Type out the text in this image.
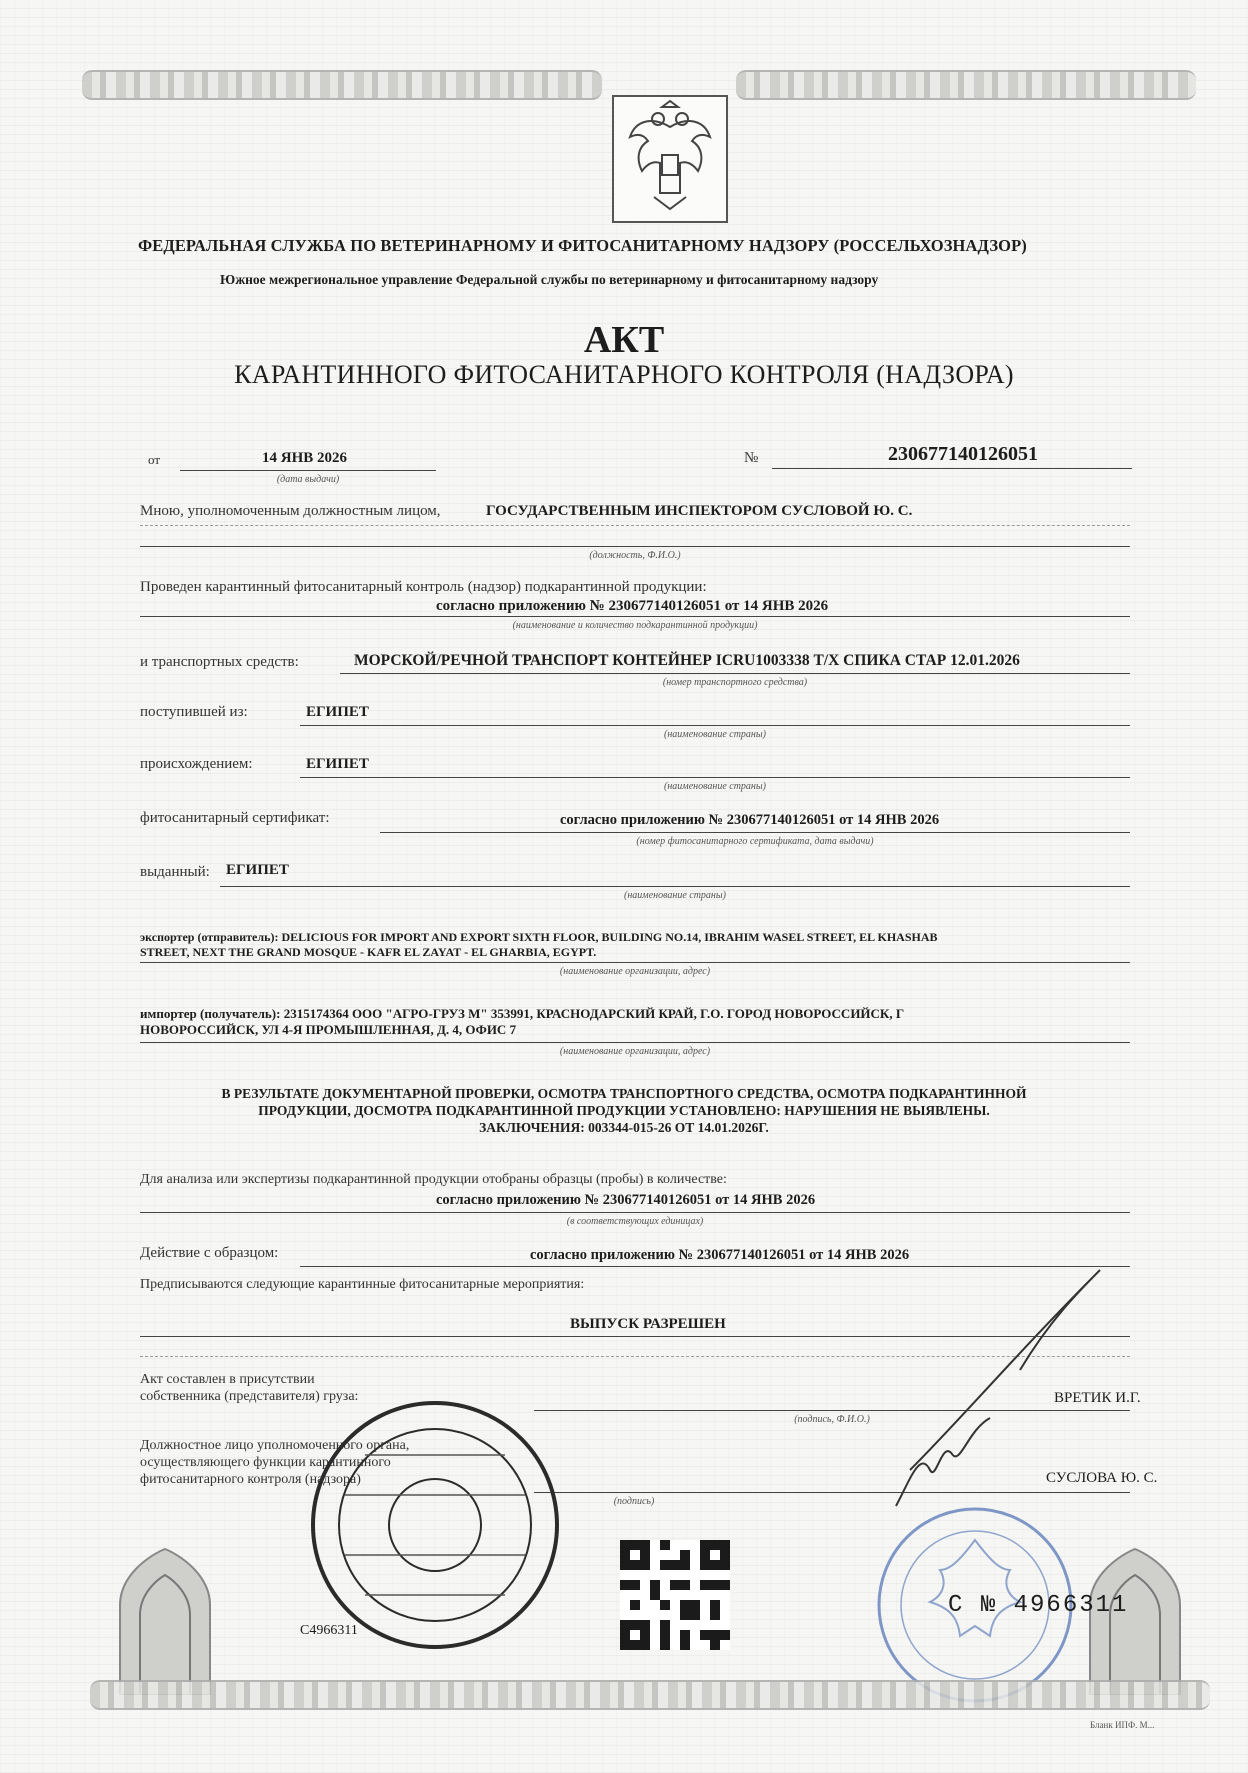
ФЕДЕРАЛЬНАЯ СЛУЖБА ПО ВЕТЕРИНАРНОМУ И ФИТОСАНИТАРНОМУ НАДЗОРУ (РОССЕЛЬХОЗНАДЗОР)
Южное межрегиональное управление Федеральной службы по ветеринарному и фитосанитарному надзору
АКТ
КАРАНТИННОГО ФИТОСАНИТАРНОГО КОНТРОЛЯ (НАДЗОРА)
от	14 ЯНВ 2026
(дата выдачи)
№	230677140126051
Мною, уполномоченным должностным лицом,	ГОСУДАРСТВЕННЫМ ИНСПЕКТОРОМ СУСЛОВОЙ Ю. С.
(должность, Ф.И.О.)
Проведен карантинный фитосанитарный контроль (надзор) подкарантинной продукции:
согласно приложению № 230677140126051 от 14 ЯНВ 2026
(наименование и количество подкарантинной продукции)
и транспортных средств:	МОРСКОЙ/РЕЧНОЙ ТРАНСПОРТ КОНТЕЙНЕР ICRU1003338 Т/Х СПИКА СТАР 12.01.2026
(номер транспортного средства)
поступившей из:	ЕГИПЕТ
(наименование страны)
происхождением:	ЕГИПЕТ
(наименование страны)
фитосанитарный сертификат:	согласно приложению № 230677140126051 от 14 ЯНВ 2026
(номер фитосанитарного сертификата, дата выдачи)
выданный: ЕГИПЕТ
(наименование страны)
экспортер (отправитель): DELICIOUS FOR IMPORT AND EXPORT SIXTH FLOOR, BUILDING NO.14, IBRAHIM WASEL STREET, EL KHASHAB
STREET, NEXT THE GRAND MOSQUE - KAFR EL ZAYAT - EL GHARBIA, EGYPT.
(наименование организации, адрес)
импортер (получатель): 2315174364 ООО "АГРО-ГРУЗ М" 353991, КРАСНОДАРСКИЙ КРАЙ, Г.О. ГОРОД НОВОРОССИЙСК, Г
НОВОРОССИЙСК, УЛ 4-Я ПРОМЫШЛЕННАЯ, Д. 4, ОФИС 7
(наименование организации, адрес)
В РЕЗУЛЬТАТЕ ДОКУМЕНТАРНОЙ ПРОВЕРКИ, ОСМОТРА ТРАНСПОРТНОГО СРЕДСТВА, ОСМОТРА ПОДКАРАНТИННОЙ
ПРОДУКЦИИ, ДОСМОТРА ПОДКАРАНТИННОЙ ПРОДУКЦИИ УСТАНОВЛЕНО: НАРУШЕНИЯ НЕ ВЫЯВЛЕНЫ.
ЗАКЛЮЧЕНИЯ: 003344-015-26 ОТ 14.01.2026Г.
Для анализа или экспертизы подкарантинной продукции отобраны образцы (пробы) в количестве:
согласно приложению № 230677140126051 от 14 ЯНВ 2026
(в соответствующих единицах)
Действие с образцом:	согласно приложению № 230677140126051 от 14 ЯНВ 2026
Предписываются следующие карантинные фитосанитарные мероприятия:
ВЫПУСК РАЗРЕШЕН
Акт составлен в присутствии
собственника (представителя) груза:	ВРЕТИК И.Г.
(подпись, Ф.И.О.)
Должностное лицо уполномоченного органа,
осуществляющего функции карантинного
фитосанитарного контроля (надзора)	СУСЛОВА Ю. С.
(подпись)
С4966311
С № 4966311
Бланк ИПФ. М...
